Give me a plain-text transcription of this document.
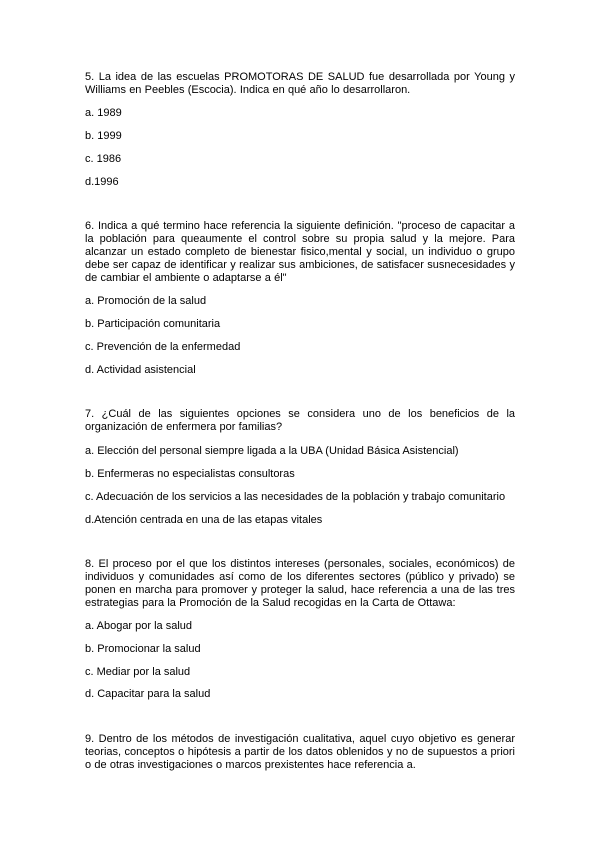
5. La idea de las escuelas PROMOTORAS DE SALUD fue desarrollada por Young y Williams en Peebles (Escocia). Indica en qué año lo desarrollaron.

a. 1989
b. 1999
c. 1986
d.1996

6. Indica a qué termino hace referencia la siguiente definición. "proceso de capacitar a la población para queaumente el control sobre su propia salud y la mejore. Para alcanzar un estado completo de bienestar fisico,mental y social, un individuo o grupo debe ser capaz de identificar y realizar sus ambiciones, de satisfacer susnecesidades y de cambiar el ambiente o adaptarse a él"

a. Promoción de la salud
b. Participación comunitaria
c. Prevención de la enfermedad
d. Actividad asistencial

7. ¿Cuál de las siguientes opciones se considera uno de los beneficios de la organización de enfermera por familias?

a. Elección del personal siempre ligada a la UBA (Unidad Básica Asistencial)
b. Enfermeras no especialistas consultoras
c. Adecuación de los servicios a las necesidades de la población y trabajo comunitario
d.Atención centrada en una de las etapas vitales

8. El proceso por el que los distintos intereses (personales, sociales, económicos) de individuos y comunidades así como de los diferentes sectores (público y privado) se ponen en marcha para promover y proteger la salud, hace referencia a una de las tres estrategias para la Promoción de la Salud recogidas en la Carta de Ottawa:

a. Abogar por la salud
b. Promocionar la salud
c. Mediar por la salud
d. Capacitar para la salud

9. Dentro de los métodos de investigación cualitativa, aquel cuyo objetivo es generar teorias, conceptos o hipótesis a partir de los datos oblenidos y no de supuestos a priori o de otras investigaciones o marcos prexistentes hace referencia a.
